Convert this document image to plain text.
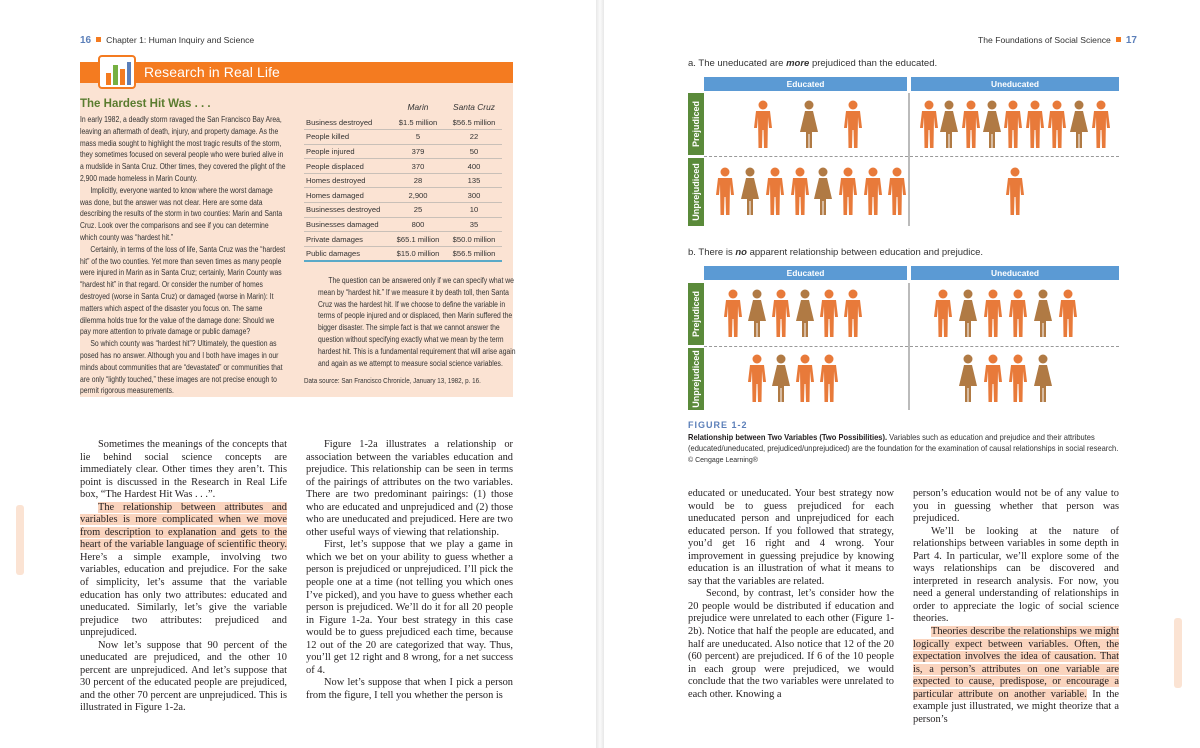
16 Chapter 1: Human Inquiry and Science
Research in Real Life
The Hardest Hit Was . . .

In early 1982, a deadly storm ravaged the San Francisco Bay Area, leaving an aftermath of death, injury, and property damage. As the mass media sought to highlight the most tragic results of the storm, they sometimes focused on several people who were buried alive in a mudslide in Santa Cruz. Other times, they covered the plight of the 2,900 made homeless in Marin County.

Implicitly, everyone wanted to know where the worst damage was done, but the answer was not clear. Here are some data describing the results of the storm in two counties: Marin and Santa Cruz. Look over the comparisons and see if you can determine which county was “hardest hit.”

Certainly, in terms of the loss of life, Santa Cruz was the “hardest hit” of the two counties. Yet more than seven times as many people were injured in Marin as in Santa Cruz; certainly, Marin County was “hardest hit” in that regard. Or consider the number of homes destroyed (worse in Santa Cruz) or damaged (worse in Marin): It matters which aspect of the disaster you focus on. The same dilemma holds true for the value of the damage done: Should we pay more attention to private damage or public damage?

So which county was “hardest hit”? Ultimately, the question as posed has no answer. Although you and I both have images in our minds about communities that are “devastated” or communities that are only “lightly touched,” these images are not precise enough to permit rigorous measurements.

	Marin	Santa Cruz
Business destroyed	$1.5 million	$56.5 million
People killed	5	22
People injured	379	50
People displaced	370	400
Homes destroyed	28	135
Homes damaged	2,900	300
Businesses destroyed	25	10
Businesses damaged	800	35
Private damages	$65.1 million	$50.0 million
Public damages	$15.0 million	$56.5 million

The question can be answered only if we can specify what we mean by “hardest hit.” If we measure it by death toll, then Santa Cruz was the hardest hit. If we choose to define the variable in terms of people injured and or displaced, then Marin suffered the bigger disaster. The simple fact is that we cannot answer the question without specifying exactly what we mean by the term hardest hit. This is a fundamental requirement that will arise again and again as we attempt to measure social science variables.

Data source: San Francisco Chronicle, January 13, 1982, p. 16.

Sometimes the meanings of the concepts that lie behind social science concepts are immediately clear. Other times they aren’t. This point is discussed in the Research in Real Life box, “The Hardest Hit Was . . .”.

The relationship between attributes and variables is more complicated when we move from description to explanation and gets to the heart of the variable language of scientific theory. Here’s a simple example, involving two variables, education and prejudice. For the sake of simplicity, let’s assume that the variable education has only two attributes: educated and uneducated. Similarly, let’s give the variable prejudice two attributes: prejudiced and unprejudiced.

Now let’s suppose that 90 percent of the uneducated are prejudiced, and the other 10 percent are unprejudiced. And let’s suppose that 30 percent of the educated people are prejudiced, and the other 70 percent are unprejudiced. This is illustrated in Figure 1-2a.

Figure 1-2a illustrates a relationship or association between the variables education and prejudice. This relationship can be seen in terms of the pairings of attributes on the two variables. There are two predominant pairings: (1) those who are educated and unprejudiced and (2) those who are uneducated and prejudiced. Here are two other useful ways of viewing that relationship.

First, let’s suppose that we play a game in which we bet on your ability to guess whether a person is prejudiced or unprejudiced. I’ll pick the people one at a time (not telling you which ones I’ve picked), and you have to guess whether each person is prejudiced. We’ll do it for all 20 people in Figure 1-2a. Your best strategy in this case would be to guess prejudiced each time, because 12 out of the 20 are categorized that way. Thus, you’ll get 12 right and 8 wrong, for a net success of 4.

Now let’s suppose that when I pick a person from the figure, I tell you whether the person is

The Foundations of Social Science 17
a. The uneducated are more prejudiced than the educated.
Educated	Uneducated
Prejudiced
Unprejudiced
b. There is no apparent relationship between education and prejudice.
Educated	Uneducated
Prejudiced
Unprejudiced
FIGURE 1-2
Relationship between Two Variables (Two Possibilities). Variables such as education and prejudice and their attributes (educated/uneducated, prejudiced/unprejudiced) are the foundation for the examination of causal relationships in social research.
© Cengage Learning®

educated or uneducated. Your best strategy now would be to guess prejudiced for each uneducated person and unprejudiced for each educated person. If you followed that strategy, you’d get 16 right and 4 wrong. Your improvement in guessing prejudice by knowing education is an illustration of what it means to say that the variables are related.

Second, by contrast, let’s consider how the 20 people would be distributed if education and prejudice were unrelated to each other (Figure 1-2b). Notice that half the people are educated, and half are uneducated. Also notice that 12 of the 20 (60 percent) are prejudiced. If 6 of the 10 people in each group were prejudiced, we would conclude that the two variables were unrelated to each other. Knowing a

person’s education would not be of any value to you in guessing whether that person was prejudiced.

We’ll be looking at the nature of relationships between variables in some depth in Part 4. In particular, we’ll explore some of the ways relationships can be discovered and interpreted in research analysis. For now, you need a general understanding of relationships in order to appreciate the logic of social science theories.

Theories describe the relationships we might logically expect between variables. Often, the expectation involves the idea of causation. That is, a person’s attributes on one variable are expected to cause, predispose, or encourage a particular attribute on another variable. In the example just illustrated, we might theorize that a person’s
